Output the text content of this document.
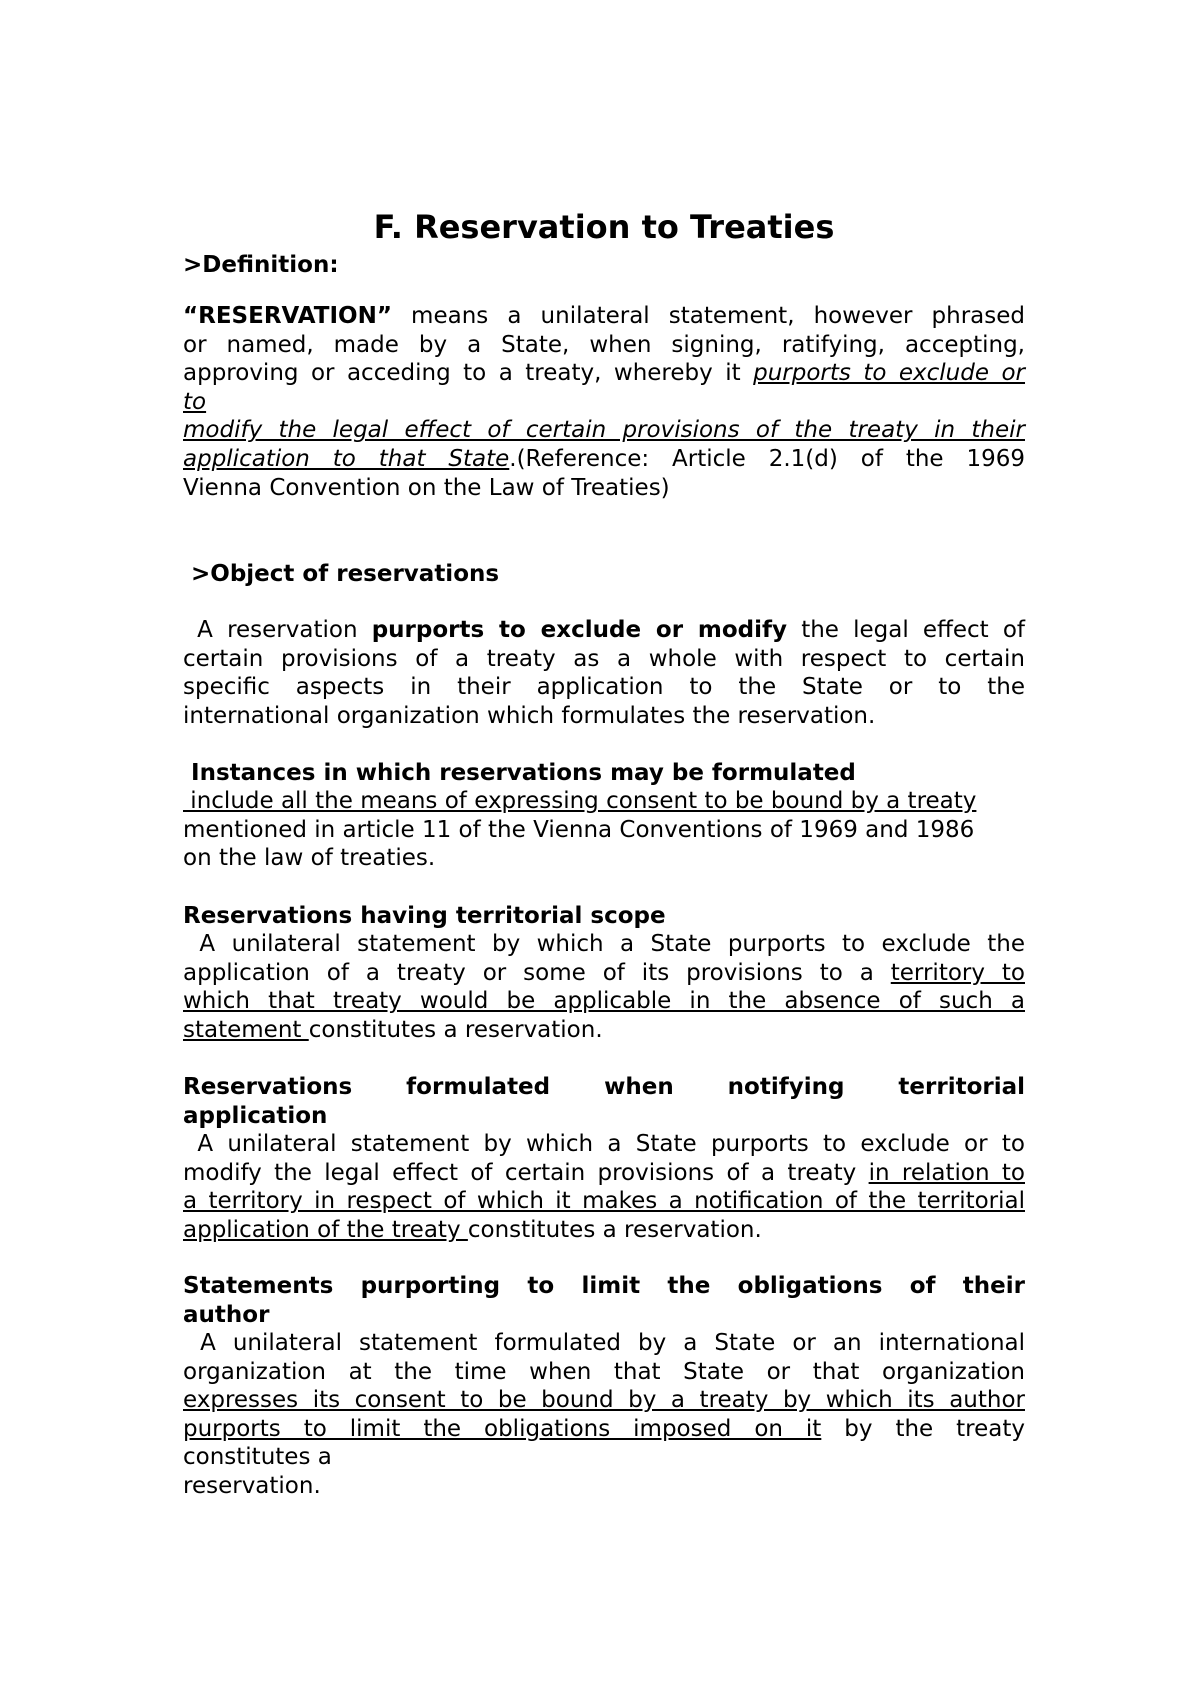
F. Reservation to Treaties

>Definition:

“RESERVATION” means a unilateral statement, however phrased
or named, made by a State, when signing, ratifying, accepting,
approving or acceding to a treaty, whereby it purports to exclude or
to
modify the legal effect of certain provisions of the treaty in their
application to that State.(Reference: Article 2.1(d) of the 1969
Vienna Convention on the Law of Treaties)

>Object of reservations

A reservation purports to exclude or modify the legal effect of
certain provisions of a treaty as a whole with respect to certain
specific aspects in their application to the State or to the
international organization which formulates the reservation.

Instances in which reservations may be formulated

include all the means of expressing consent to be bound by a treaty
mentioned in article 11 of the Vienna Conventions of 1969 and 1986
on the law of treaties.

Reservations having territorial scope

A unilateral statement by which a State purports to exclude the
application of a treaty or some of its provisions to a territory to
which that treaty would be applicable in the absence of such a
statement constitutes a reservation.
Reservations formulated when notifying territorial
application
A unilateral statement by which a State purports to exclude or to
modify the legal effect of certain provisions of a treaty in relation to
a territory in respect of which it makes a notification of the territorial
application of the treaty constitutes a reservation.
Statements purporting to limit the obligations of their
author
A unilateral statement formulated by a State or an international
organization at the time when that State or that organization
expresses its consent to be bound by a treaty by which its author
purports to limit the obligations imposed on it by the treaty
constitutes a
reservation.
